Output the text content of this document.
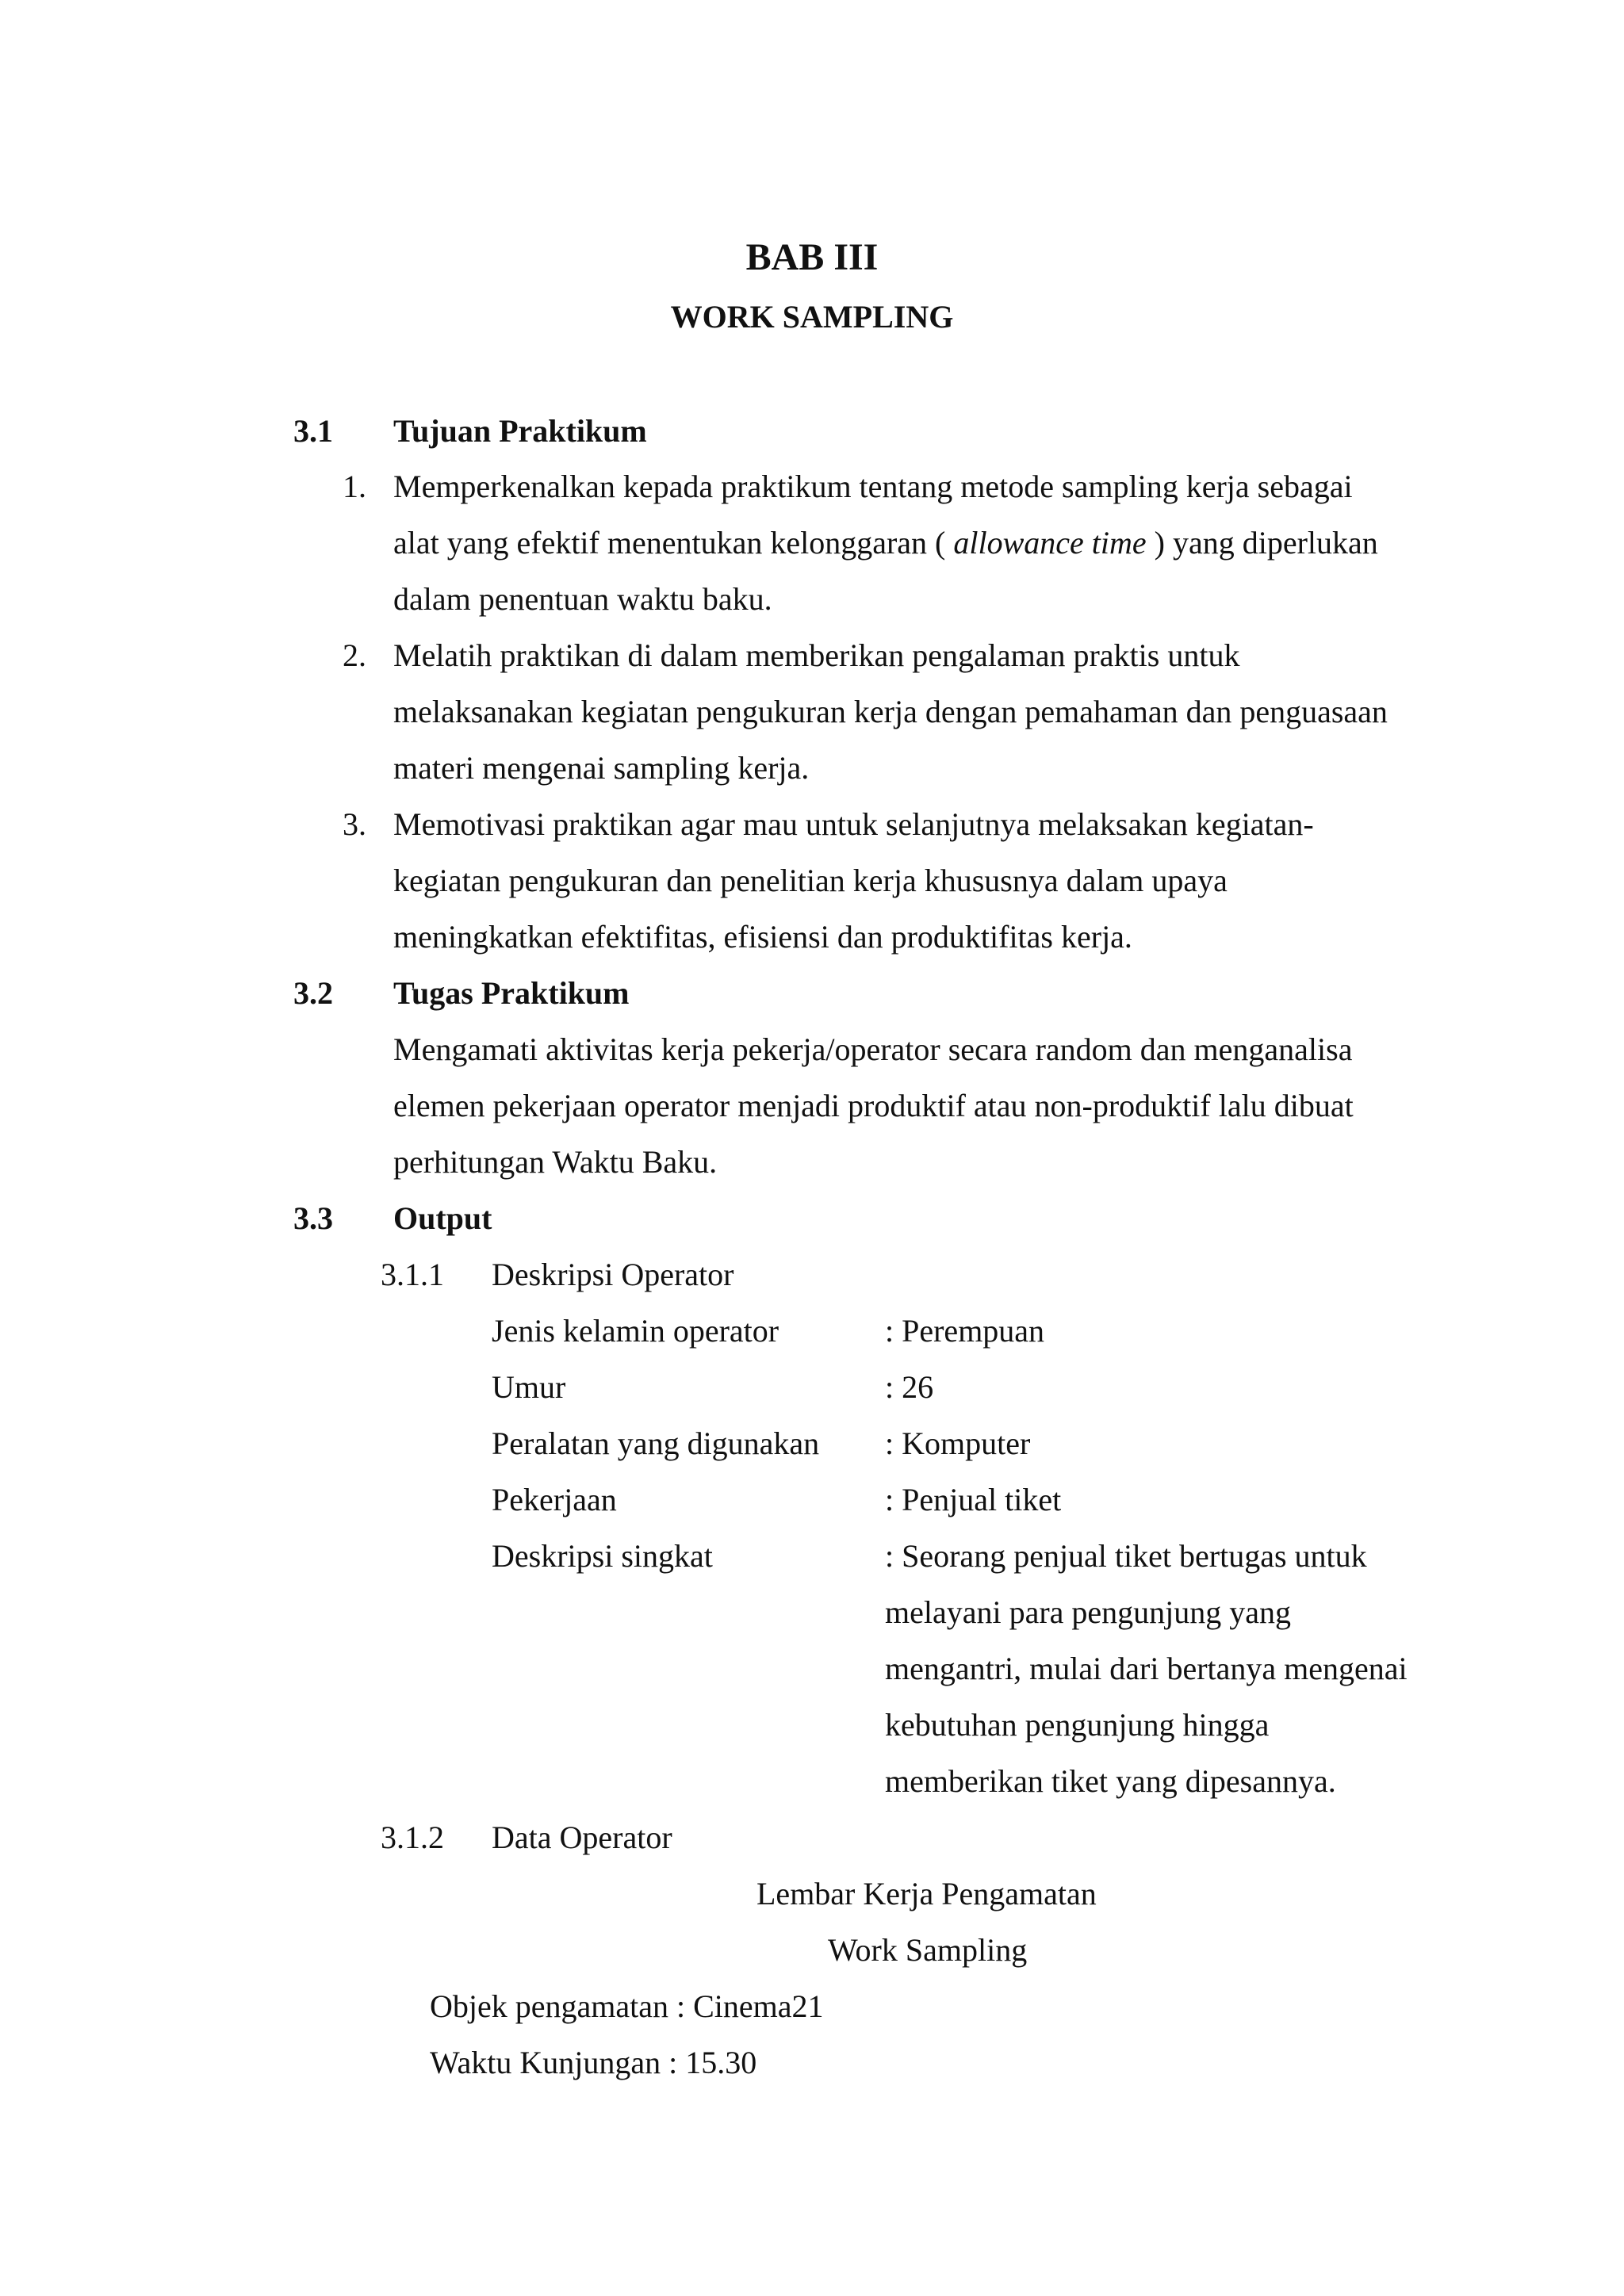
BAB III
WORK SAMPLING
3.1 Tujuan Praktikum
1. Memperkenalkan kepada praktikum tentang metode sampling kerja sebagai
alat yang efektif menentukan kelonggaran ( allowance time ) yang diperlukan
dalam penentuan waktu baku.
2. Melatih praktikan di dalam memberikan pengalaman praktis untuk
melaksanakan kegiatan pengukuran kerja dengan pemahaman dan penguasaan
materi mengenai sampling kerja.
3. Memotivasi praktikan agar mau untuk selanjutnya melaksakan kegiatan-
kegiatan pengukuran dan penelitian kerja khususnya dalam upaya
meningkatkan efektifitas, efisiensi dan produktifitas kerja.
3.2 Tugas Praktikum
Mengamati aktivitas kerja pekerja/operator secara random dan menganalisa
elemen pekerjaan operator menjadi produktif atau non-produktif lalu dibuat
perhitungan Waktu Baku.
3.3 Output
3.1.1 Deskripsi Operator
Jenis kelamin operator	: Perempuan
Umur	: 26
Peralatan yang digunakan : Komputer
Pekerjaan	: Penjual tiket
Deskripsi singkat	: Seorang penjual tiket bertugas untuk
melayani para pengunjung yang
mengantri, mulai dari bertanya mengenai
kebutuhan pengunjung hingga
memberikan tiket yang dipesannya.
3.1.2 Data Operator
Lembar Kerja Pengamatan
Work Sampling
Objek pengamatan : Cinema21
Waktu Kunjungan : 15.30
